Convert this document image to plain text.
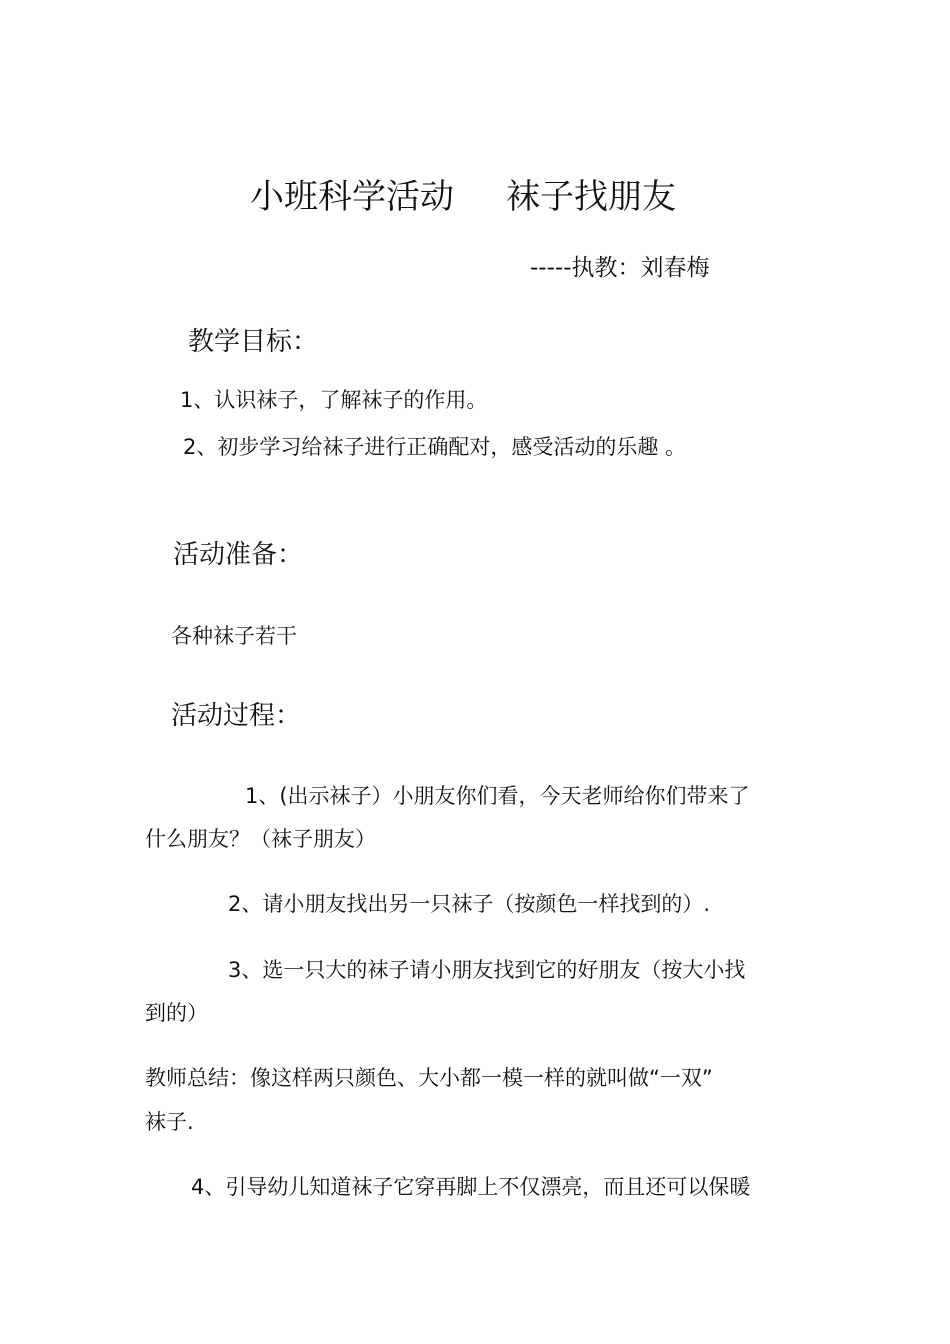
小班科学活动 袜子找朋友
-----执教：刘春梅
教学目标：
1、认识袜子，了解袜子的作用。
2、初步学习给袜子进行正确配对，感受活动的乐趣 。
活动准备：
各种袜子若干
活动过程：
1、(出示袜子）小朋友你们看，今天老师给你们带来了
什么朋友？（袜子朋友）
2、请小朋友找出另一只袜子（按颜色一样找到的）.
3、选一只大的袜子请小朋友找到它的好朋友（按大小找
到的）
教师总结：像这样两只颜色、大小都一模一样的就叫做“一双”
袜子.
4、引导幼儿知道袜子它穿再脚上不仅漂亮，而且还可以保暖
